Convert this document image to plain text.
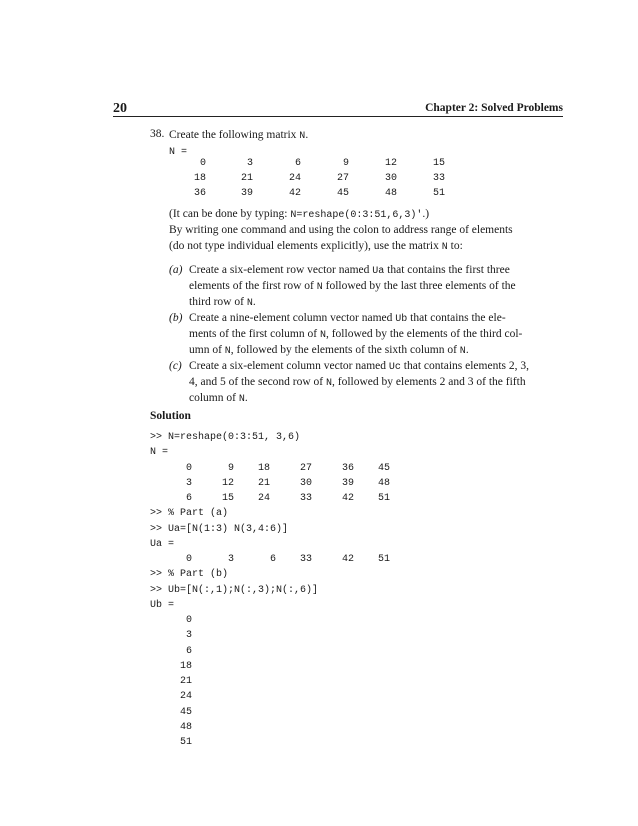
20	Chapter 2: Solved Problems
38. Create the following matrix N.
N =
0	3	6	9	12	15
18	21	24	27	30	33
36	39	42	45	48	51
(It can be done by typing: N=reshape(0:3:51,6,3)'.)
By writing one command and using the colon to address range of elements
(do not type individual elements explicitly), use the matrix N to:
(a) Create a six-element row vector named Ua that contains the first three
elements of the first row of N followed by the last three elements of the
third row of N.
(b) Create a nine-element column vector named Ub that contains the ele-
ments of the first column of N, followed by the elements of the third col-
umn of N, followed by the elements of the sixth column of N.
(c) Create a six-element column vector named Uc that contains elements 2, 3,
4, and 5 of the second row of N, followed by elements 2 and 3 of the fifth
column of N.
Solution
>> N=reshape(0:3:51, 3,6)
N =
0	9	18	27	36	45
3	12	21	30	39	48
6	15	24	33	42	51
>> % Part (a)
>> Ua=[N(1:3) N(3,4:6)]
Ua =
0	3	6	33	42	51
>> % Part (b)
>> Ub=[N(:,1);N(:,3);N(:,6)]
Ub =
0
3
6
18
21
24
45
48
51
